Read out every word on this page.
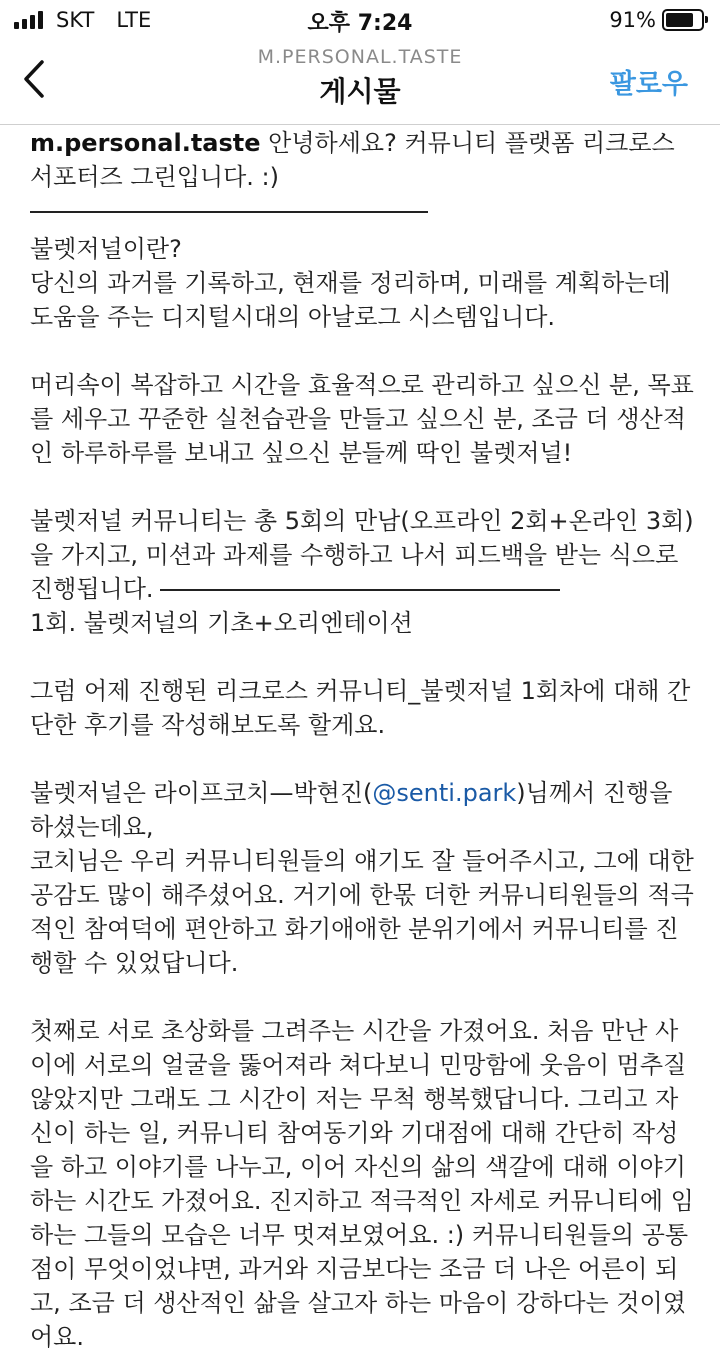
SKT LTE	오후 7:24	91%
M.PERSONAL.TASTE
게시물	팔로우

m.personal.taste 안녕하세요? 커뮤니티 플랫폼 리크로스 서포터즈 그린입니다. :)

불렛저널이란?

당신의 과거를 기록하고, 현재를 정리하며, 미래를 계획하는데 도움을 주는 디지털시대의 아날로그 시스템입니다.

머리속이 복잡하고 시간을 효율적으로 관리하고 싶으신 분, 목표를 세우고 꾸준한 실천습관을 만들고 싶으신 분, 조금 더 생산적인 하루하루를 보내고 싶으신 분들께 딱인 불렛저널!

불렛저널 커뮤니티는 총 5회의 만남(오프라인 2회+온라인 3회)을 가지고, 미션과 과제를 수행하고 나서 피드백을 받는 식으로 진행됩니다.

1회. 불렛저널의 기초+오리엔테이션

그럼 어제 진행된 리크로스 커뮤니티_불렛저널 1회차에 대해 간단한 후기를 작성해보도록 할게요.

불렛저널은 라이프코치—박현진(@senti.park)님께서 진행을 하셨는데요,

코치님은 우리 커뮤니티원들의 얘기도 잘 들어주시고, 그에 대한 공감도 많이 해주셨어요. 거기에 한몫 더한 커뮤니티원들의 적극적인 참여덕에 편안하고 화기애애한 분위기에서 커뮤니티를 진행할 수 있었답니다.

첫째로 서로 초상화를 그려주는 시간을 가졌어요. 처음 만난 사이에 서로의 얼굴을 뚫어져라 쳐다보니 민망함에 웃음이 멈추질 않았지만 그래도 그 시간이 저는 무척 행복했답니다. 그리고 자신이 하는 일, 커뮤니티 참여동기와 기대점에 대해 간단히 작성을 하고 이야기를 나누고, 이어 자신의 삶의 색갈에 대해 이야기하는 시간도 가졌어요. 진지하고 적극적인 자세로 커뮤니티에 임하는 그들의 모습은 너무 멋져보였어요. :) 커뮤니티원들의 공통점이 무엇이었냐면, 과거와 지금보다는 조금 더 나은 어른이 되고, 조금 더 생산적인 삶을 살고자 하는 마음이 강하다는 것이였어요.
